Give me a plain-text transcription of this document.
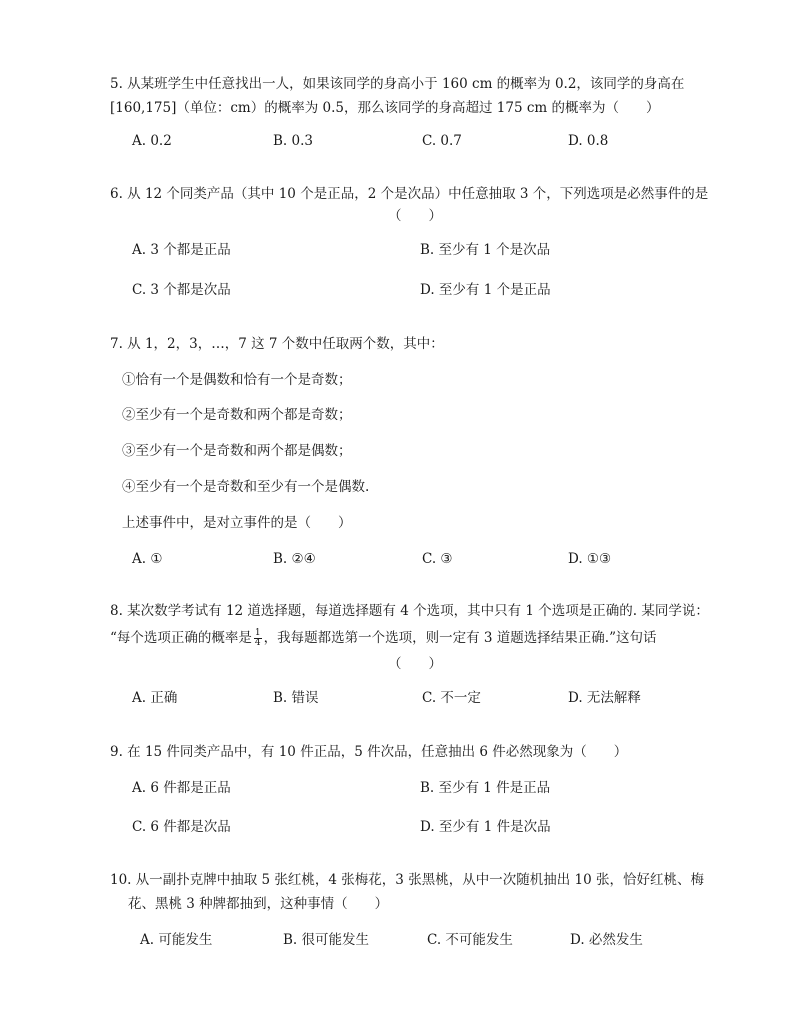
5. 从某班学生中任意找出一人，如果该同学的身高小于 160 cm 的概率为 0.2，该同学的身高在
[160,175]（单位：cm）的概率为 0.5，那么该同学的身高超过 175 cm 的概率为（　　）
A. 0.2	B. 0.3	C. 0.7	D. 0.8
6. 从 12 个同类产品（其中 10 个是正品，2 个是次品）中任意抽取 3 个，下列选项是必然事件的是
（　　）
A. 3 个都是正品	B. 至少有 1 个是次品
C. 3 个都是次品	D. 至少有 1 个是正品
7. 从 1，2，3，…，7 这 7 个数中任取两个数，其中：
①恰有一个是偶数和恰有一个是奇数；
②至少有一个是奇数和两个都是奇数；
③至少有一个是奇数和两个都是偶数；
④至少有一个是奇数和至少有一个是偶数.
上述事件中，是对立事件的是（　　）
A. ①	B. ②④	C. ③	D. ①③
8. 某次数学考试有 12 道选择题，每道选择题有 4 个选项，其中只有 1 个选项是正确的. 某同学说：
“每个选项正确的概率是 $\frac{1}{4}$ ，我每题都选第一个选项，则一定有 3 道题选择结果正确.”这句话
（　　）
A. 正确	B. 错误	C. 不一定	D. 无法解释
9. 在 15 件同类产品中，有 10 件正品，5 件次品，任意抽出 6 件必然现象为（　　）
A. 6 件都是正品	B. 至少有 1 件是正品
C. 6 件都是次品	D. 至少有 1 件是次品
10. 从一副扑克牌中抽取 5 张红桃，4 张梅花，3 张黑桃，从中一次随机抽出 10 张，恰好红桃、梅
花、黑桃 3 种牌都抽到，这种事情（　　）
A. 可能发生	B. 很可能发生	C. 不可能发生	D. 必然发生
